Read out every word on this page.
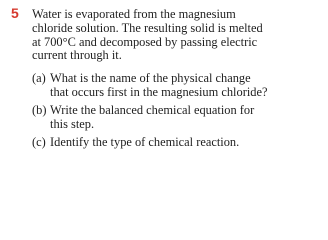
5 Water is evaporated from the magnesium
chloride solution. The resulting solid is melted
at 700°C and decomposed by passing electric
current through it.

(a) What is the name of the physical change
that occurs first in the magnesium chloride?
(b) Write the balanced chemical equation for
this step.
(c) Identify the type of chemical reaction.
